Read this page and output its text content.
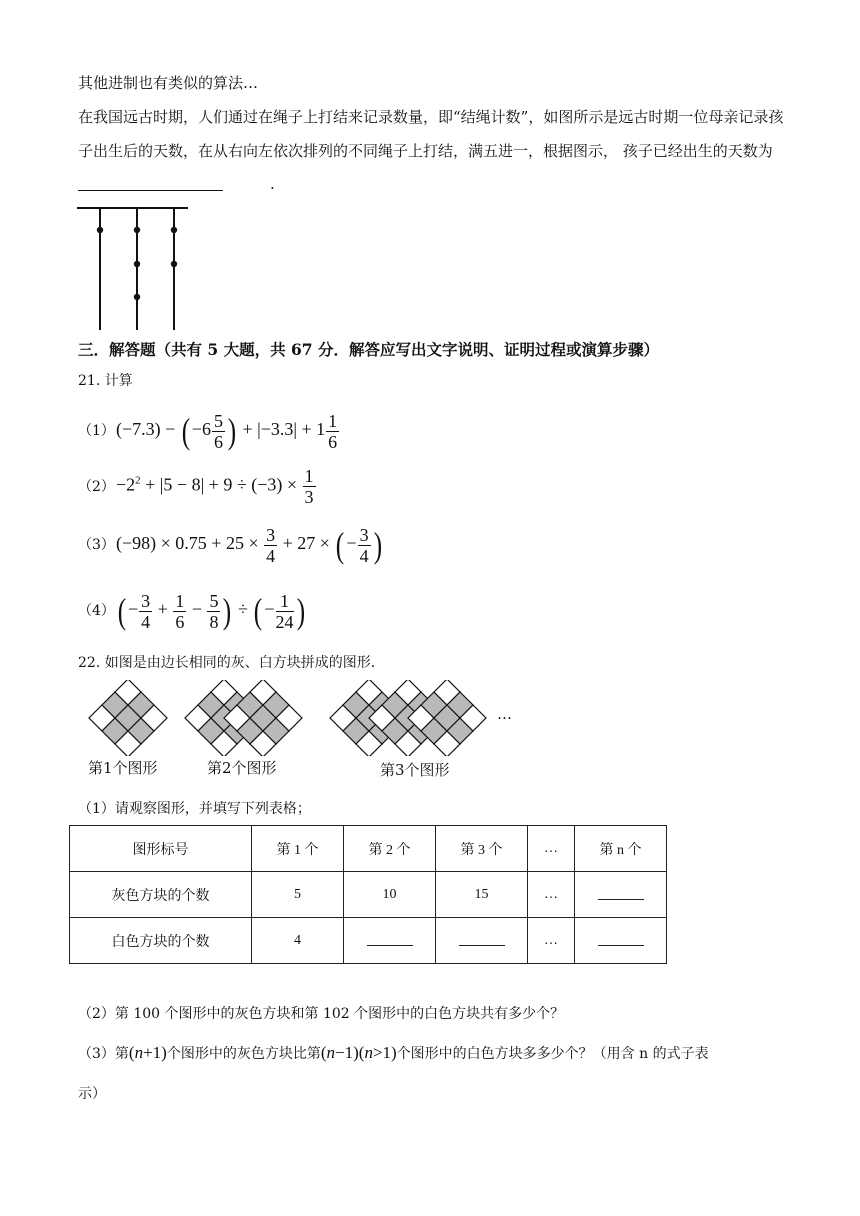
其他进制也有类似的算法…
在我国远古时期，人们通过在绳子上打结来记录数量，即“结绳计数”，如图所示是远古时期一位母亲记录孩
子出生后的天数，在从右向左依次排列的不同绳子上打结，满五进一，根据图示， 孩子已经出生的天数为
.
三．解答题（共有 5 大题，共 67 分．解答应写出文字说明、证明过程或演算步骤）
21. 计算
（1） $(-7.3) - (-6 \frac{5}{6}$ ) + $|-3.3| + 1 \frac{1}{6}$
$(2) -2^2 + |5 - 8| + 9 \div (-3) \times \frac{1}{3}$
（3） $(-98) \times 0.75 + 25 \times \frac{3}{4} + 27$ × (− $\frac{3}{4}$ )
（4） ( − $\frac{3}{4} + \frac{1}{6} - \frac{5}{8}$ ) ÷ (− $\frac{1}{24}$ )
22. 如图是由边长相同的灰、白方块拼成的图形．
…
第1个图形	第2个图形	第3个图形
（1）请观察图形，并填写下列表格；
图形标号	第 1 个	第 2 个	第 3 个	…	第 n 个
灰色方块的个数	5	10	15	…	
白色方块的个数	4			…	
（2）第 100 个图形中的灰色方块和第 102 个图形中的白色方块共有多少个？
（3）第(n+1)个图形中的灰色方块比第(n−1)(n>1)个图形中的白色方块多多少个？（用含 n 的式子表
示）
